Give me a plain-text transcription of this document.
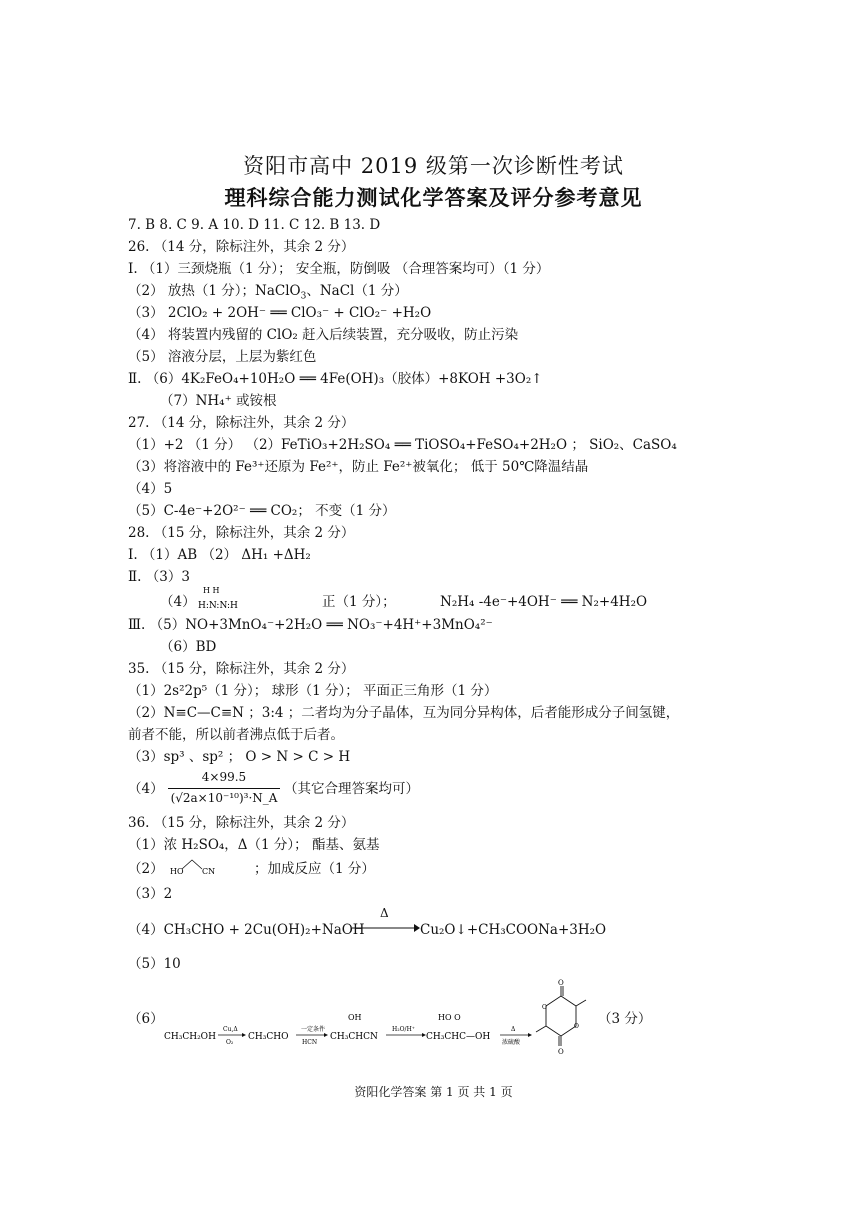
资阳市高中 2019 级第一次诊断性考试
理科综合能力测试化学答案及评分参考意见
7. B 8. C 9. A 10. D 11. C 12. B 13. D
26. （14 分，除标注外，其余 2 分）
Ⅰ. （1）三颈烧瓶（1 分）； 安全瓶，防倒吸 （合理答案均可）（1 分）
（2） 放热（1 分）；NaClO$_3$、NaCl（1 分）
（3） 2ClO₂ + 2OH⁻ ══ ClO₃⁻ + ClO₂⁻ +H₂O
（4） 将装置内残留的 ClO₂ 赶入后续装置，充分吸收，防止污染
（5） 溶液分层，上层为紫红色
Ⅱ. （6）4K₂FeO₄+10H₂O ══ 4Fe(OH)₃（胶体）+8KOH +3O₂↑
（7）NH₄⁺ 或铵根
27. （14 分，除标注外，其余 2 分）
（1）+2 （1 分） （2）FeTiO₃+2H₂SO₄ ══ TiOSO₄+FeSO₄+2H₂O ； SiO₂、CaSO₄
（3）将溶液中的 Fe³⁺还原为 Fe²⁺，防止 Fe²⁺被氧化； 低于 50℃降温结晶
（4）5
（5）C-4e⁻+2O²⁻ ══ CO₂； 不变（1 分）
28. （15 分，除标注外，其余 2 分）
Ⅰ. （1）AB （2） ΔH₁ +ΔH₂
Ⅱ. （3）3
（4）
H H
H:N:N:H	正（1 分）；	N₂H₄ -4e⁻+4OH⁻ ══ N₂+4H₂O
Ⅲ. （5）NO+3MnO₄⁻+2H₂O ══ NO₃⁻+4H⁺+3MnO₄²⁻
（6）BD
35. （15 分，除标注外，其余 2 分）
（1）2s²2p⁵（1 分）； 球形（1 分）； 平面正三角形（1 分）
（2）N≡C—C≡N ；3:4 ；二者均为分子晶体，互为同分异构体，后者能形成分子间氢键，
前者不能，所以前者沸点低于后者。
（3）sp³ 、sp² ； O > N > C > H
（4）
4×99.5
(√2a×10⁻¹⁰)³·N_A
（其它合理答案均可）
36. （15 分，除标注外，其余 2 分）
（1）浓 H₂SO₄，Δ（1 分）； 酯基、氨基
（2） HO CN	；加成反应（1 分）
（3）2
（4）CH₃CHO + 2Cu(OH)₂+NaOH
Δ
Cu₂O↓+CH₃COONa+3H₂O
（5）10
（6）
CH₃CH₂OH
Cu,Δ
O₂
CH₃CHO
一定条件
HCN
OH
CH₃CHCN
H₂O/H⁺
HO O
CH₃CHC—OH
Δ
浓硫酸
O
O
O
O （3 分）
资阳化学答案 第 1 页 共 1 页
